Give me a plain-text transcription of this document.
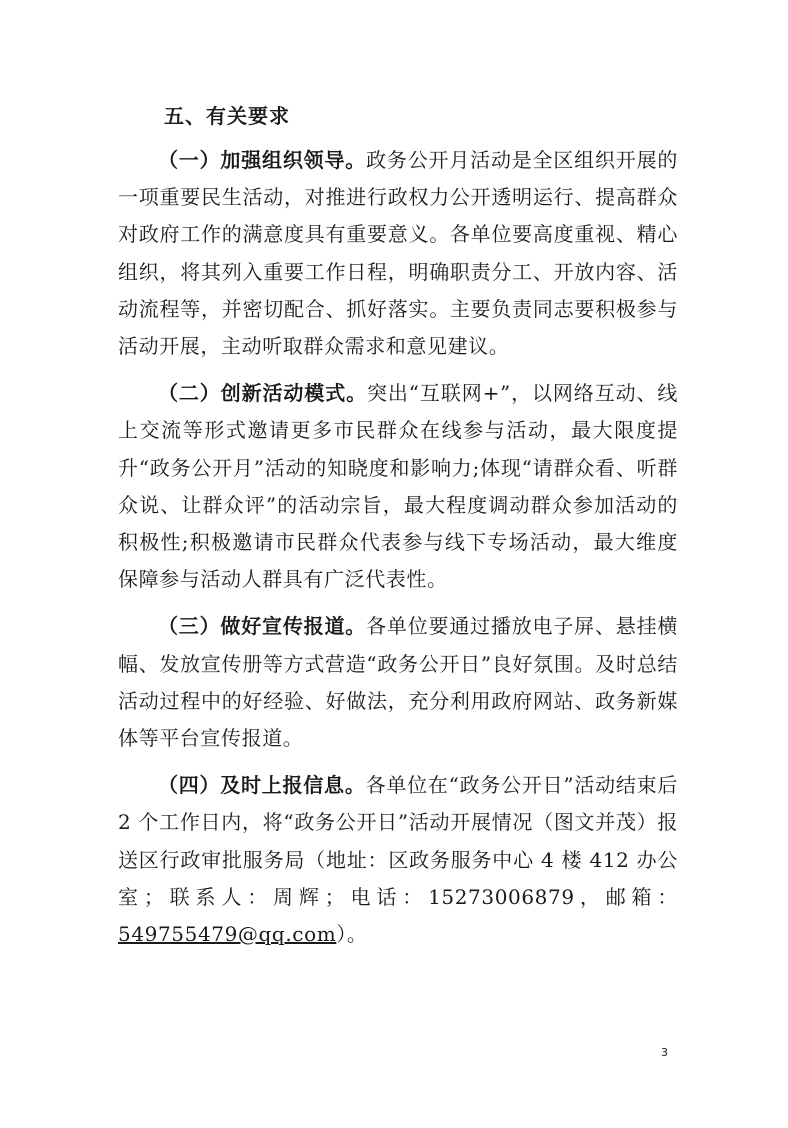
五、有关要求

（一）加强组织领导。政务公开月活动是全区组织开展的一项重要民生活动，对推进行政权力公开透明运行、提高群众对政府工作的满意度具有重要意义。各单位要高度重视、精心组织，将其列入重要工作日程，明确职责分工、开放内容、活动流程等，并密切配合、抓好落实。主要负责同志要积极参与活动开展，主动听取群众需求和意见建议。

（二）创新活动模式。突出“互联网+”，以网络互动、线上交流等形式邀请更多市民群众在线参与活动，最大限度提升“政务公开月”活动的知晓度和影响力;体现“请群众看、听群众说、让群众评”的活动宗旨，最大程度调动群众参加活动的积极性;积极邀请市民群众代表参与线下专场活动，最大维度保障参与活动人群具有广泛代表性。

（三）做好宣传报道。各单位要通过播放电子屏、悬挂横幅、发放宣传册等方式营造“政务公开日”良好氛围。及时总结活动过程中的好经验、好做法，充分利用政府网站、政务新媒体等平台宣传报道。

（四）及时上报信息。各单位在“政务公开日”活动结束后 2 个工作日内，将“政务公开日”活动开展情况（图文并茂）报送区行政审批服务局（地址：区政务服务中心 4 楼 412 办公室；联系人：周辉；电话：15273006879，邮箱：549755479@qq.com）。

3
